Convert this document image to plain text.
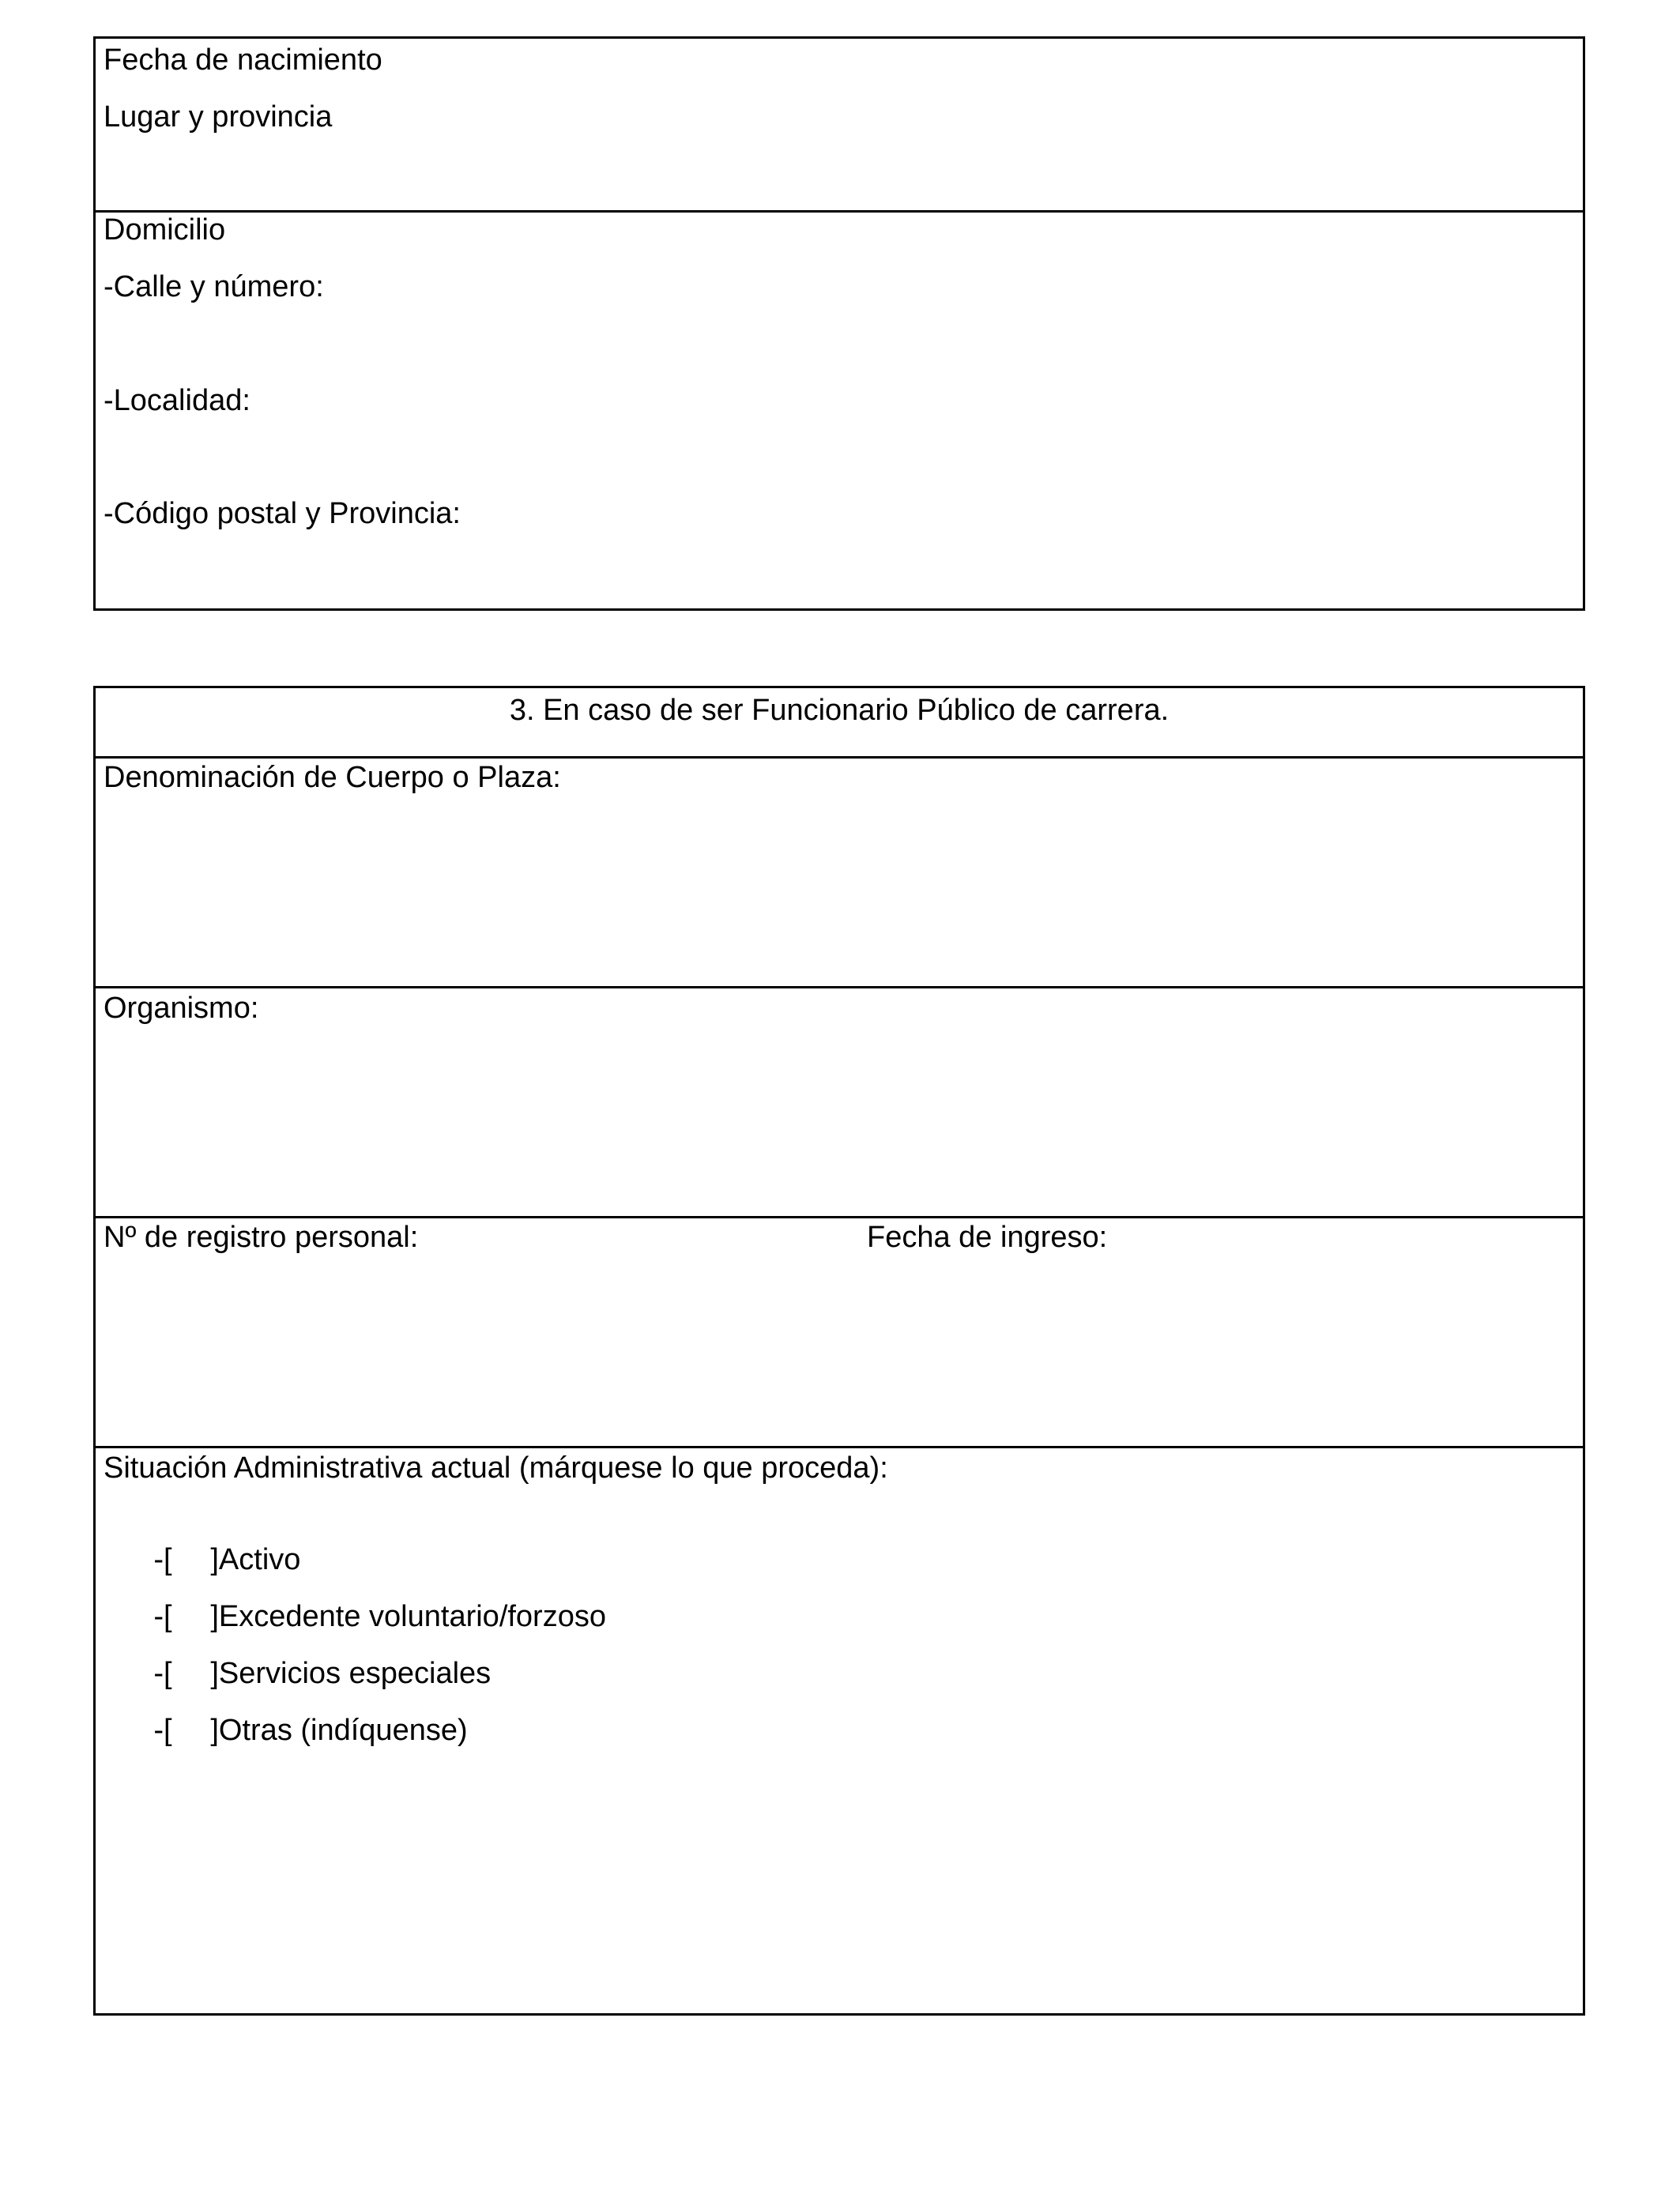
Fecha de nacimiento
Lugar y provincia
Domicilio
-Calle y número:
-Localidad:
-Código postal y Provincia:
3. En caso de ser Funcionario Público de carrera.
Denominación de Cuerpo o Plaza:
Organismo:
Nº de registro personal:	Fecha de ingreso:
Situación Administrativa actual (márquese lo que proceda):

-[ ]Activo

-[ ]Excedente voluntario/forzoso

-[ ]Servicios especiales

-[ ]Otras (indíquense)
